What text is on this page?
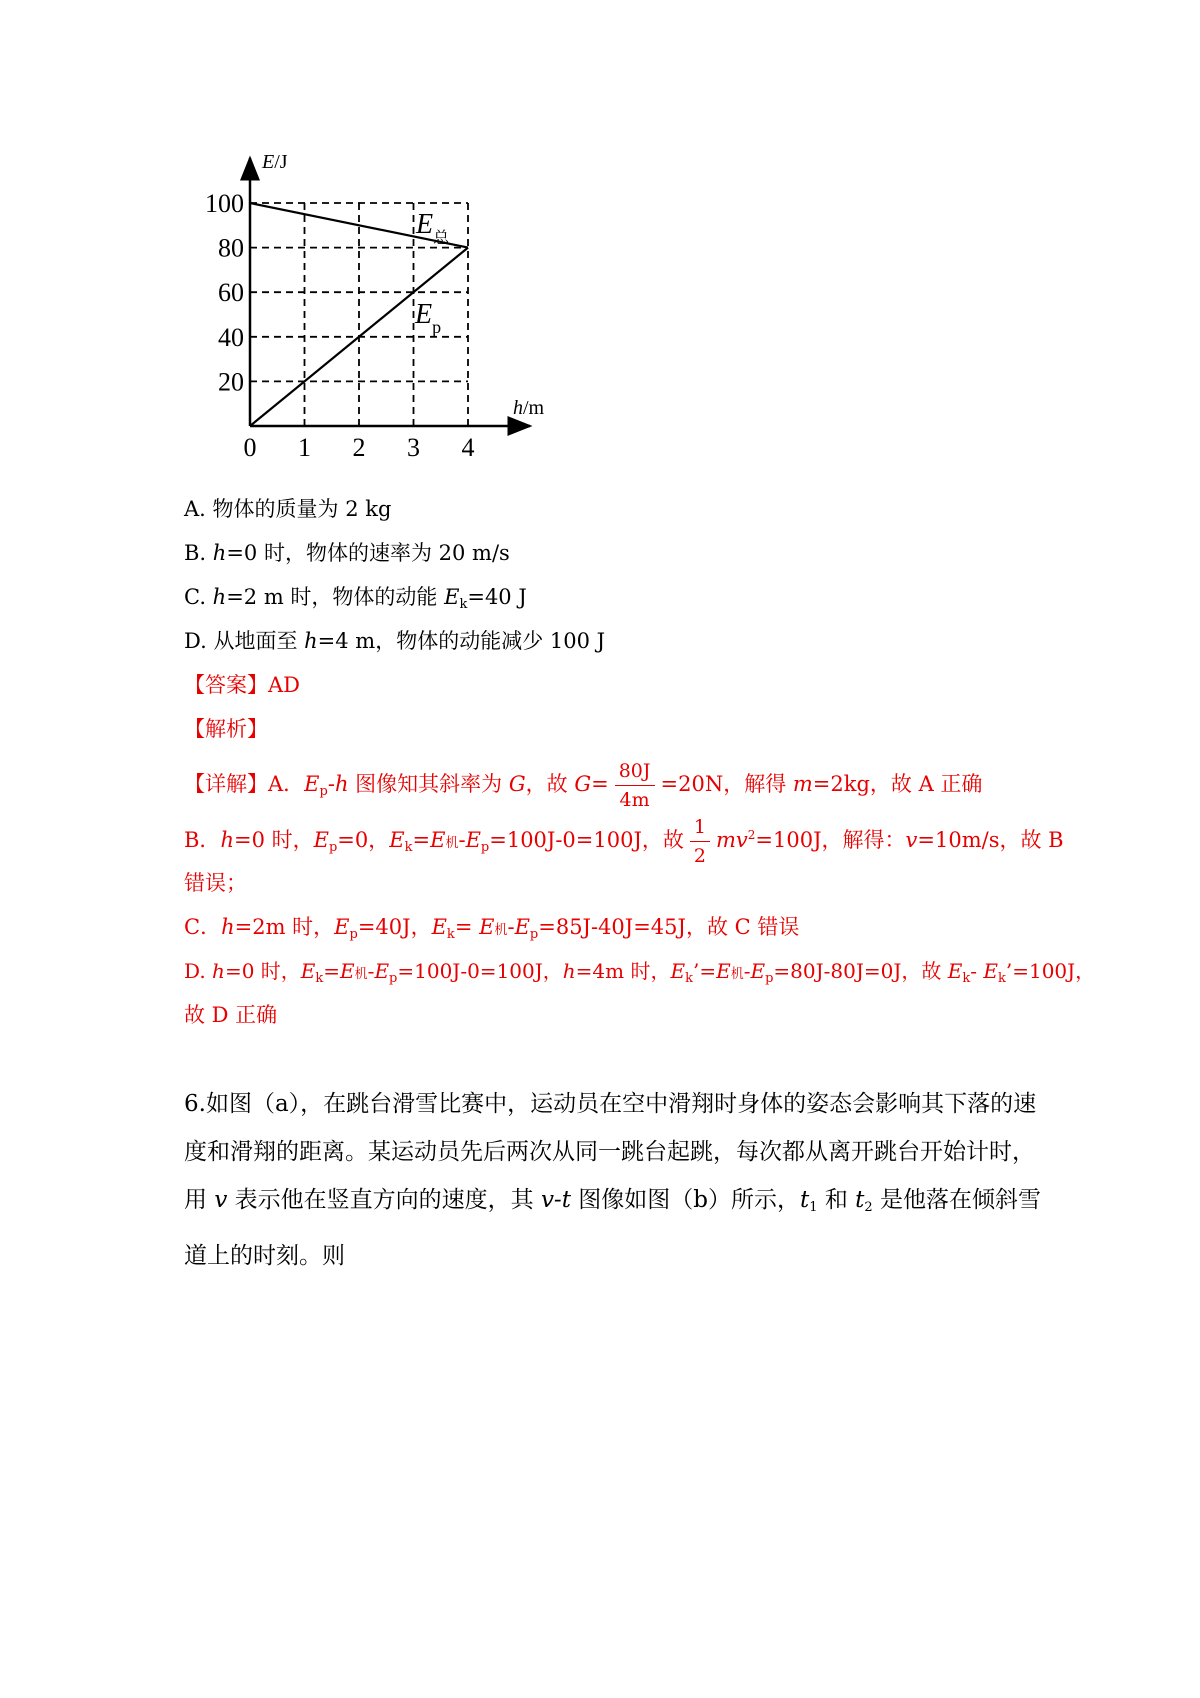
0 1 2 3 4
20
40
60
80
100
E/J
h/m
$E_总$
$E_p$
A. 物体的质量为 2 kg
B. h=0 时，物体的速率为 20 m/s
C. h=2 m 时，物体的动能 $E_k=40$ J
D. 从地面至 h=4 m，物体的动能减少 100 J
【答案】AD
【解析】
【详解】A．$E_p-h$ 图像知其斜率为 G，故 $G= \frac{80J}{4m} =20N$，解得 m=2kg，故 A 正确
B．h=0 时，$E_p=0$，$E_k=E$机$-E_p=100J-0=100J$，故 $\frac{1}{2} mv^2=100J$，解得：v=10m/s，故 B
错误；
C．h=2m 时，$E_p=40J$，$E_k= E$机$-E_p=85J-40J=45J$，故 C 错误
D. h=0 时，$E_k=E$机$-E_p=100J-0=100J$，h=4m 时，$E_k’=E$机$-E_p=80J-80J=0J$，故 $E_k-$ $E_k’=100J$，
故 D 正确
6.如图（a），在跳台滑雪比赛中，运动员在空中滑翔时身体的姿态会影响其下落的速度和滑翔的距离。某运动员先后两次从同一跳台起跳，每次都从离开跳台开始计时，用 v 表示他在竖直方向的速度，其 v-t 图像如图（b）所示，$t_1$ 和 $t_2$ 是他落在倾斜雪道上的时刻。则
